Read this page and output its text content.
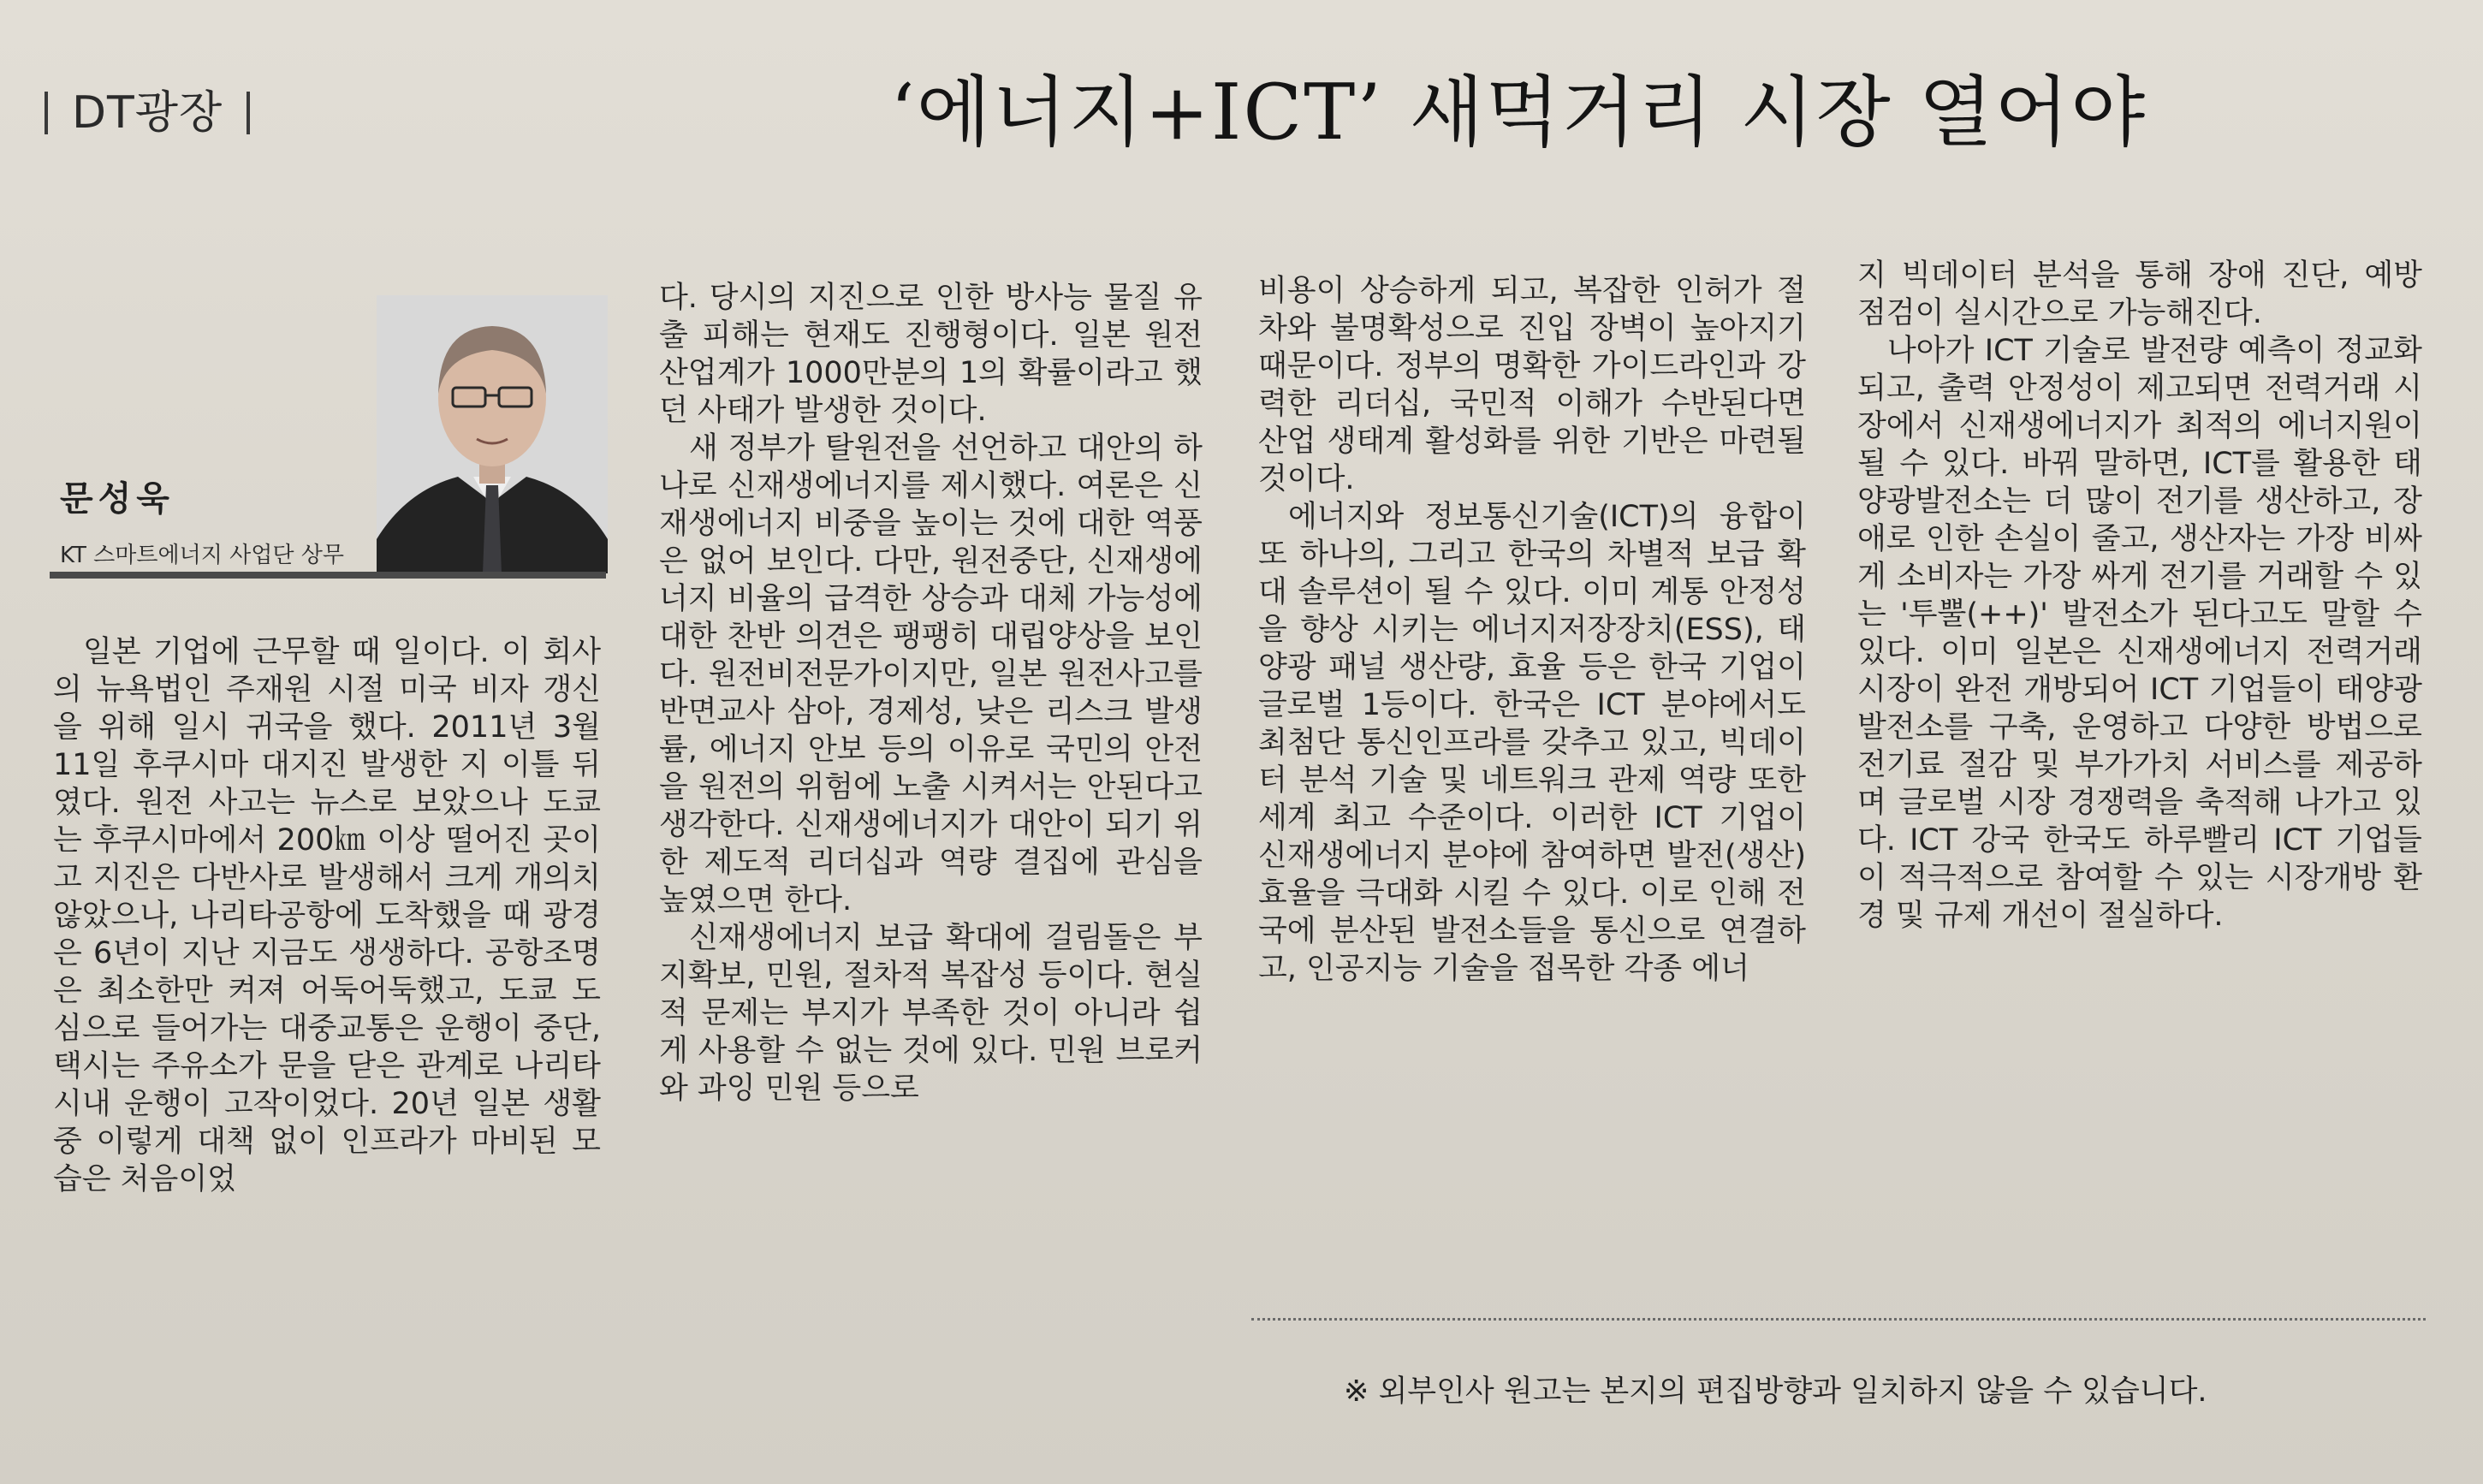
DT광장	‘에너지+ICT’ 새먹거리 시장 열어야
문성욱
KT 스마트에너지 사업단 상무

일본 기업에 근무할 때 일이다. 이 회사의 뉴욕법인 주재원 시절 미국 비자 갱신을 위해 일시 귀국을 했다. 2011년 3월 11일 후쿠시마 대지진 발생한 지 이틀 뒤였다. 원전 사고는 뉴스로 보았으나 도쿄는 후쿠시마에서 200㎞ 이상 떨어진 곳이고 지진은 다반사로 발생해서 크게 개의치 않았으나, 나리타공항에 도착했을 때 광경은 6년이 지난 지금도 생생하다. 공항조명은 최소한만 켜져 어둑어둑했고, 도쿄 도심으로 들어가는 대중교통은 운행이 중단, 택시는 주유소가 문을 닫은 관계로 나리타 시내 운행이 고작이었다. 20년 일본 생활 중 이렇게 대책 없이 인프라가 마비된 모습은 처음이었

다. 당시의 지진으로 인한 방사능 물질 유출 피해는 현재도 진행형이다. 일본 원전산업계가 1000만분의 1의 확률이라고 했던 사태가 발생한 것이다.

새 정부가 탈원전을 선언하고 대안의 하나로 신재생에너지를 제시했다. 여론은 신재생에너지 비중을 높이는 것에 대한 역풍은 없어 보인다. 다만, 원전중단, 신재생에너지 비율의 급격한 상승과 대체 가능성에 대한 찬반 의견은 팽팽히 대립양상을 보인다. 원전비전문가이지만, 일본 원전사고를 반면교사 삼아, 경제성, 낮은 리스크 발생률, 에너지 안보 등의 이유로 국민의 안전을 원전의 위험에 노출 시켜서는 안된다고 생각한다. 신재생에너지가 대안이 되기 위한 제도적 리더십과 역량 결집에 관심을 높였으면 한다.

신재생에너지 보급 확대에 걸림돌은 부지확보, 민원, 절차적 복잡성 등이다. 현실적 문제는 부지가 부족한 것이 아니라 쉽게 사용할 수 없는 것에 있다. 민원 브로커와 과잉 민원 등으로

비용이 상승하게 되고, 복잡한 인허가 절차와 불명확성으로 진입 장벽이 높아지기 때문이다. 정부의 명확한 가이드라인과 강력한 리더십, 국민적 이해가 수반된다면 산업 생태계 활성화를 위한 기반은 마련될 것이다.

에너지와 정보통신기술(ICT)의 융합이 또 하나의, 그리고 한국의 차별적 보급 확대 솔루션이 될 수 있다. 이미 계통 안정성을 향상 시키는 에너지저장장치(ESS), 태양광 패널 생산량, 효율 등은 한국 기업이 글로벌 1등이다. 한국은 ICT 분야에서도 최첨단 통신인프라를 갖추고 있고, 빅데이터 분석 기술 및 네트워크 관제 역량 또한 세계 최고 수준이다. 이러한 ICT 기업이 신재생에너지 분야에 참여하면 발전(생산) 효율을 극대화 시킬 수 있다. 이로 인해 전국에 분산된 발전소들을 통신으로 연결하고, 인공지능 기술을 접목한 각종 에너

지 빅데이터 분석을 통해 장애 진단, 예방 점검이 실시간으로 가능해진다.

나아가 ICT 기술로 발전량 예측이 정교화되고, 출력 안정성이 제고되면 전력거래 시장에서 신재생에너지가 최적의 에너지원이 될 수 있다. 바꿔 말하면, ICT를 활용한 태양광발전소는 더 많이 전기를 생산하고, 장애로 인한 손실이 줄고, 생산자는 가장 비싸게 소비자는 가장 싸게 전기를 거래할 수 있는 '투뿔(++)' 발전소가 된다고도 말할 수 있다. 이미 일본은 신재생에너지 전력거래 시장이 완전 개방되어 ICT 기업들이 태양광 발전소를 구축, 운영하고 다양한 방법으로 전기료 절감 및 부가가치 서비스를 제공하며 글로벌 시장 경쟁력을 축적해 나가고 있다. ICT 강국 한국도 하루빨리 ICT 기업들이 적극적으로 참여할 수 있는 시장개방 환경 및 규제 개선이 절실하다.

※ 외부인사 원고는 본지의 편집방향과 일치하지 않을 수 있습니다.
